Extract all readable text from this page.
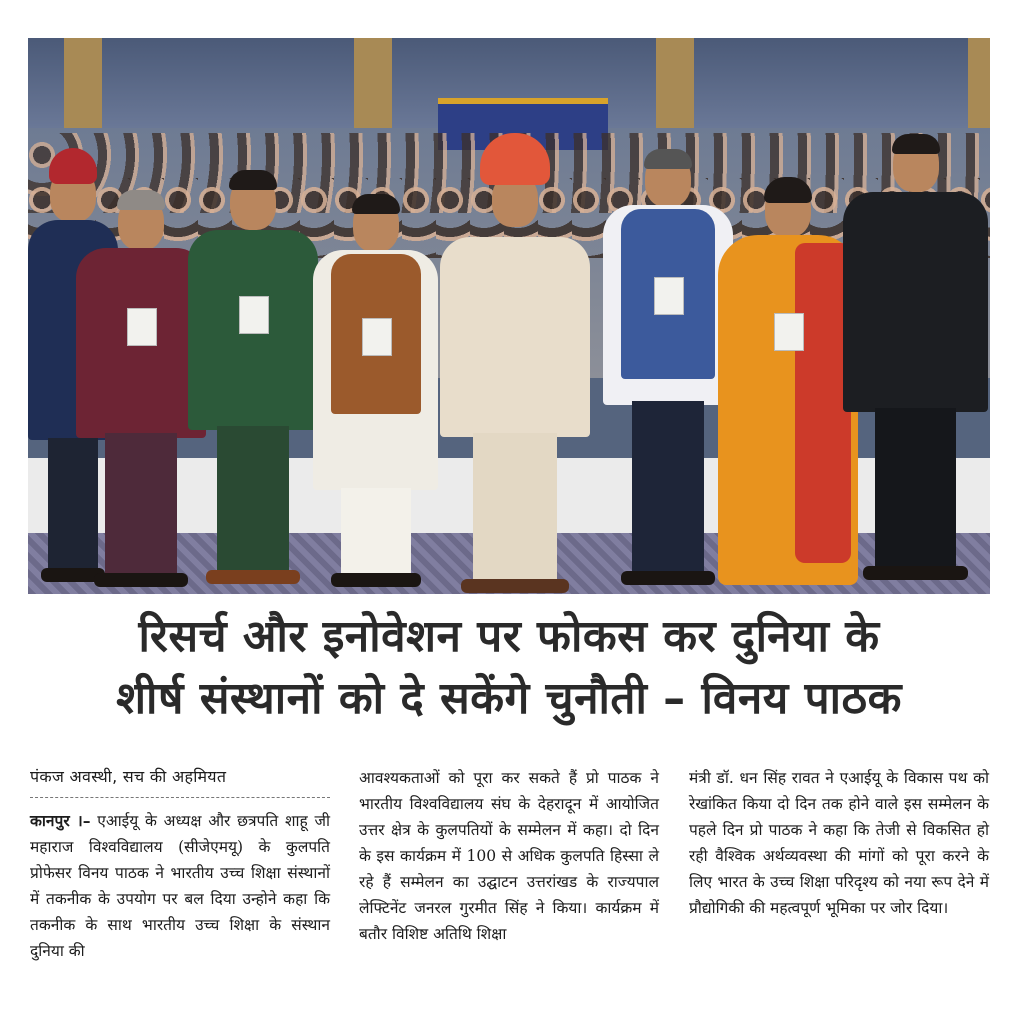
रिसर्च और इनोवेशन पर फोकस कर दुनिया के
शीर्ष संस्थानों को दे सकेंगे चुनौती – विनय पाठक
पंकज अवस्थी, सच की अहमियत

कानपुर ।– एआईयू के अध्यक्ष और छत्रपति शाहू जी महाराज विश्वविद्यालय (सीजेएमयू) के कुलपति प्रोफेसर विनय पाठक ने भारतीय उच्च शिक्षा संस्थानों में तकनीक के उपयोग पर बल दिया उन्होने कहा कि तकनीक के साथ भारतीय उच्च शिक्षा के संस्थान दुनिया की

आवश्यकताओं को पूरा कर सकते हैं प्रो पाठक ने भारतीय विश्वविद्यालय संघ के देहरादून में आयोजित उत्तर क्षेत्र के कुलपतियों के सम्मेलन में कहा। दो दिन के इस कार्यक्रम में 100 से अधिक कुलपति हिस्सा ले रहे हैं सम्मेलन का उद्घाटन उत्तरांखड के राज्यपाल लेफ्टिनेंट जनरल गुरमीत सिंह ने किया। कार्यक्रम में बतौर विशिष्ट अतिथि शिक्षा

मंत्री डॉ. धन सिंह रावत ने एआईयू के विकास पथ को रेखांकित किया दो दिन तक होने वाले इस सम्मेलन के पहले दिन प्रो पाठक ने कहा कि तेजी से विकसित हो रही वैश्विक अर्थव्यवस्था की मांगों को पूरा करने के लिए भारत के उच्च शिक्षा परिदृश्य को नया रूप देने में प्रौद्योगिकी की महत्वपूर्ण भूमिका पर जोर दिया।
